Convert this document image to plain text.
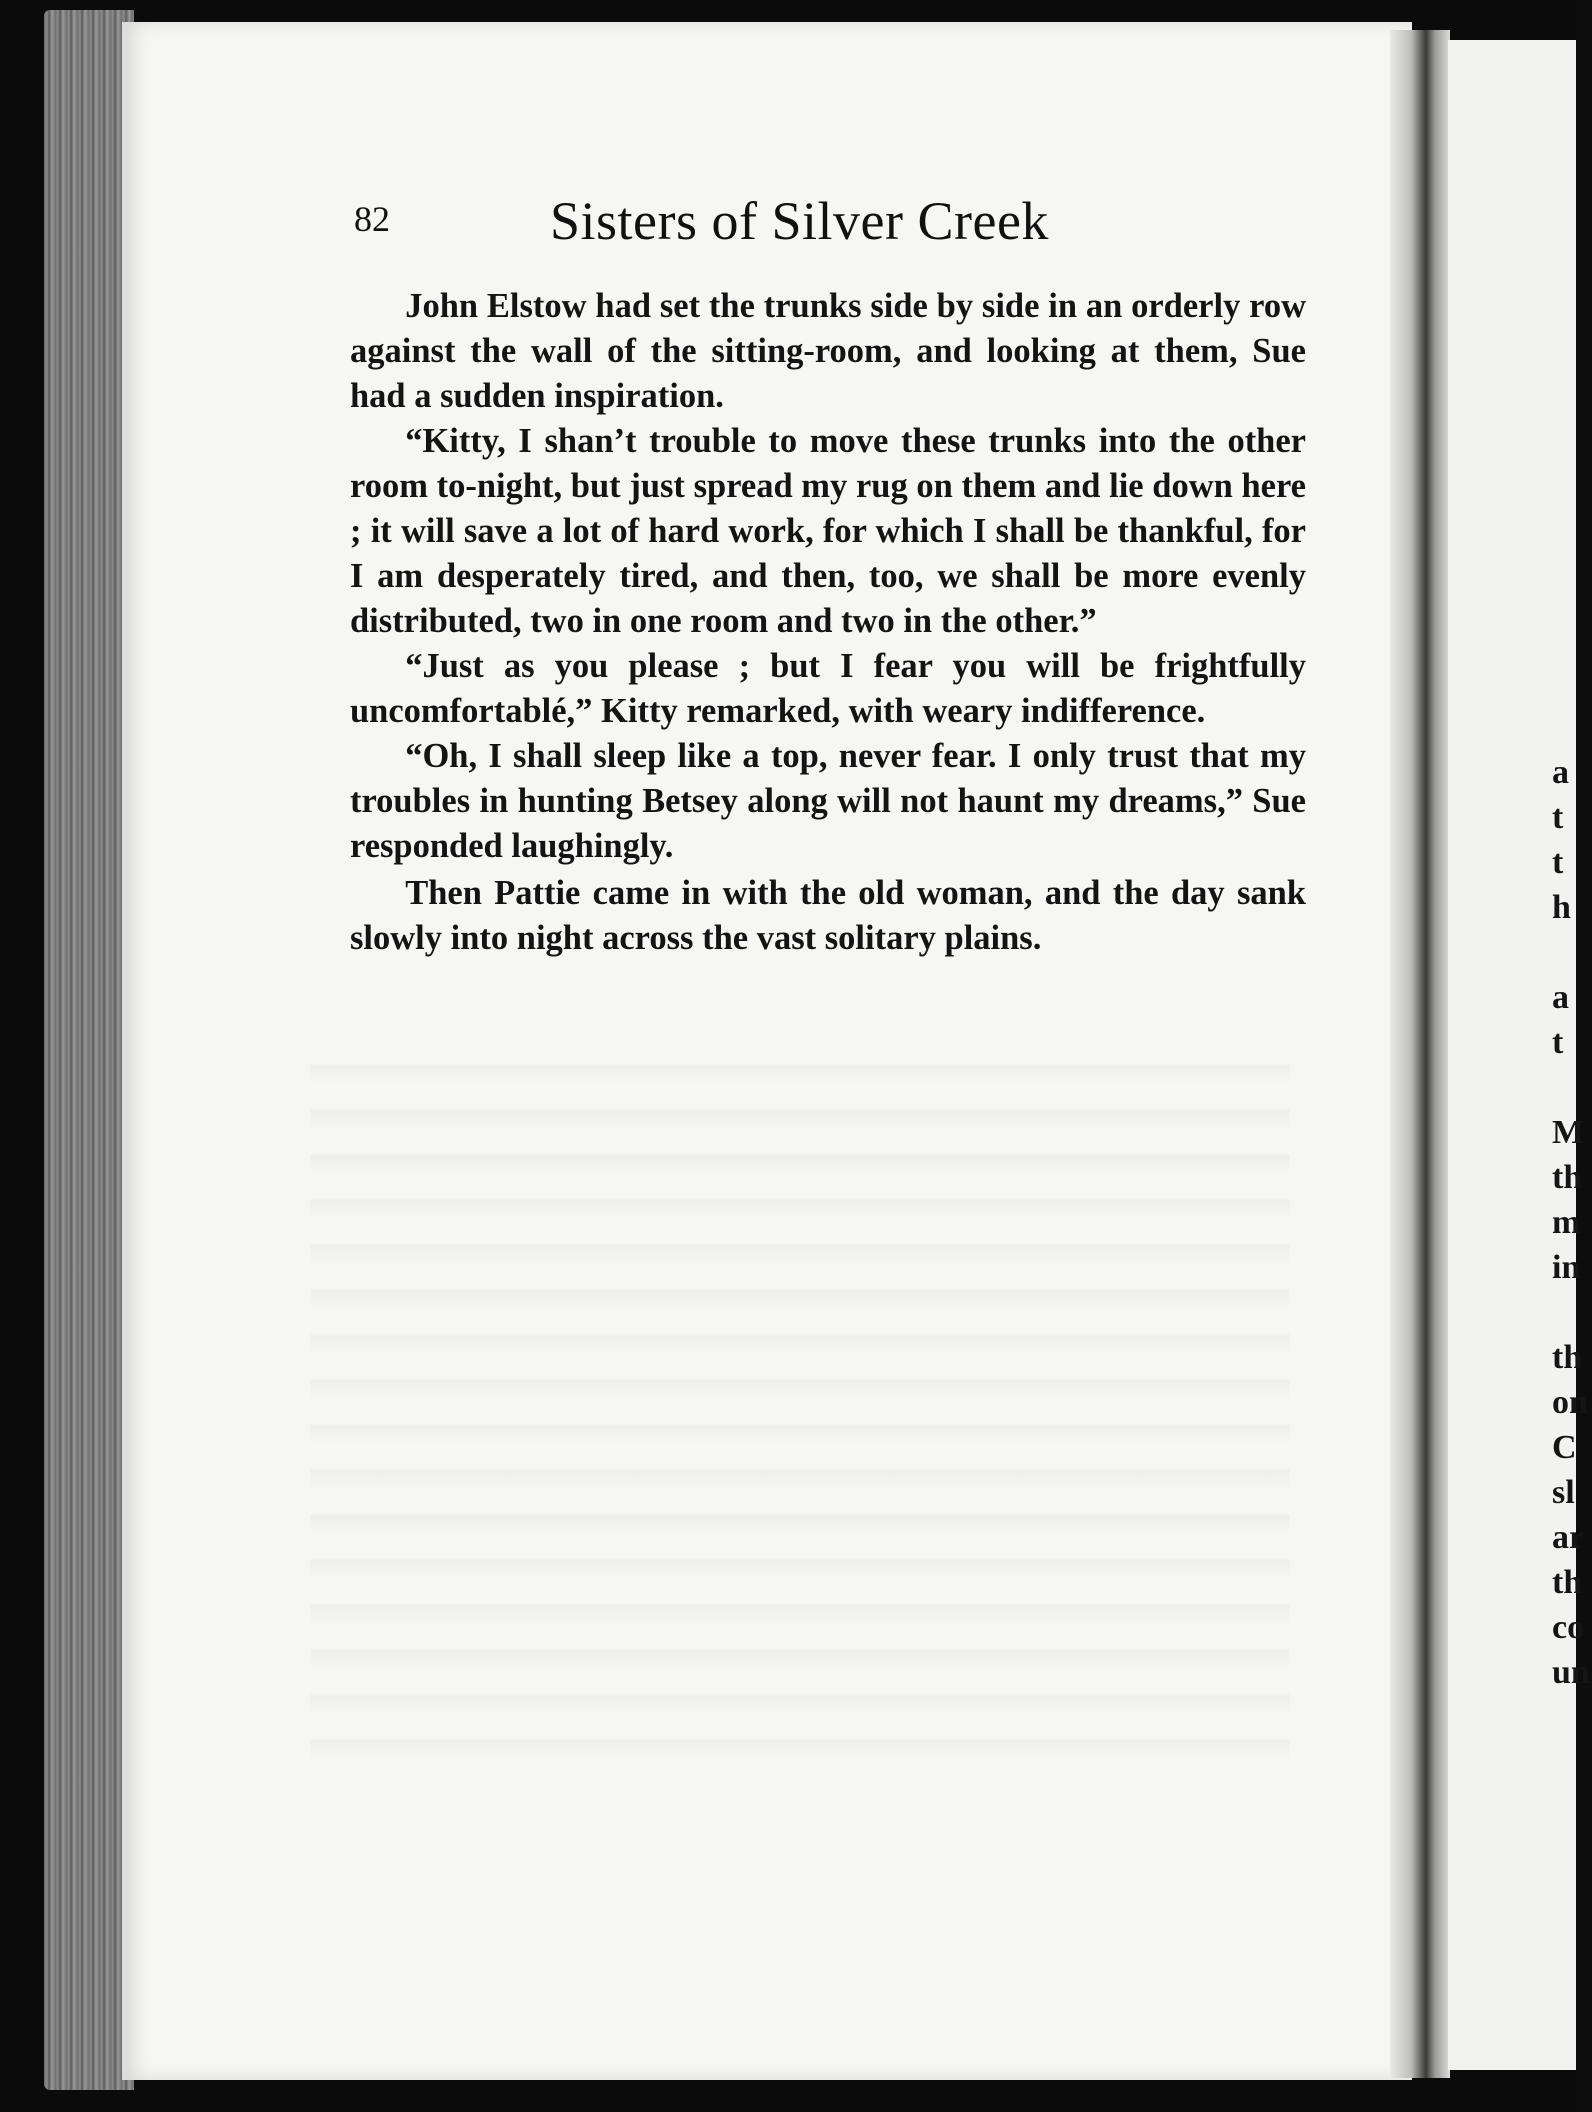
a
t
t
h

a
t

M
th
m
in

th
on
C
sl
ar
th
co
un
82	Sisters of Silver Creek

John Elstow had set the trunks side by side in an orderly row against the wall of the sitting-room, and looking at them, Sue had a sudden inspiration.

“Kitty, I shan’t trouble to move these trunks into the other room to-night, but just spread my rug on them and lie down here ; it will save a lot of hard work, for which I shall be thankful, for I am desperately tired, and then, too, we shall be more evenly distributed, two in one room and two in the other.”

“Just as you please ; but I fear you will be frightfully uncomfortablé,” Kitty remarked, with weary indifference.

“Oh, I shall sleep like a top, never fear. I only trust that my troubles in hunting Betsey along will not haunt my dreams,” Sue responded laughingly.

Then Pattie came in with the old woman, and the day sank slowly into night across the vast solitary plains.
